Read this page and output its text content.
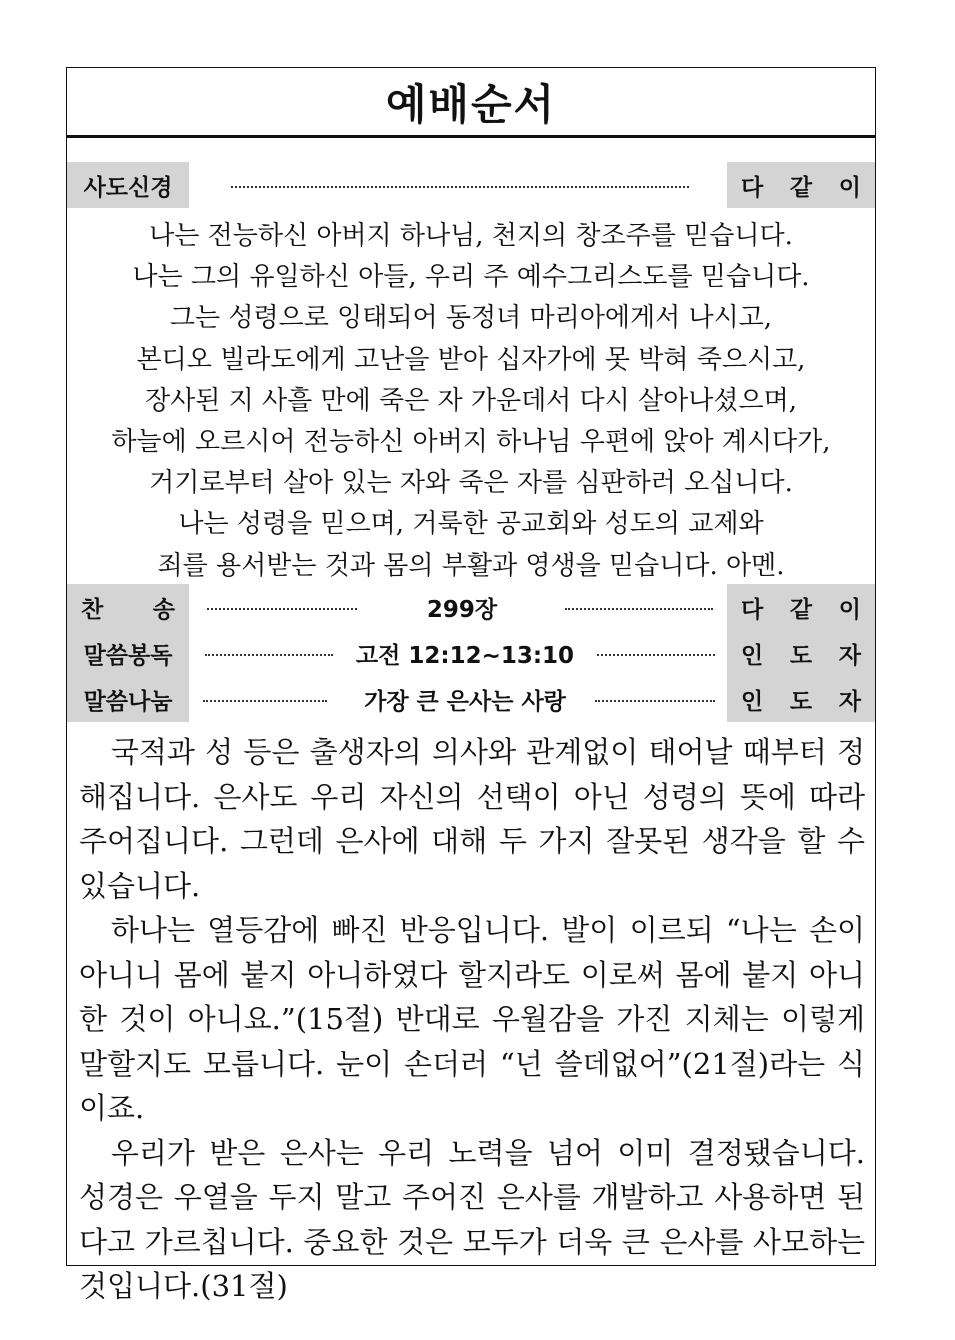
예배순서
사도신경	다 같 이
나는 전능하신 아버지 하나님, 천지의 창조주를 믿습니다.
나는 그의 유일하신 아들, 우리 주 예수그리스도를 믿습니다.
그는 성령으로 잉태되어 동정녀 마리아에게서 나시고,
본디오 빌라도에게 고난을 받아 십자가에 못 박혀 죽으시고,
장사된 지 사흘 만에 죽은 자 가운데서 다시 살아나셨으며,
하늘에 오르시어 전능하신 아버지 하나님 우편에 앉아 계시다가,
거기로부터 살아 있는 자와 죽은 자를 심판하러 오십니다.
나는 성령을 믿으며, 거룩한 공교회와 성도의 교제와
죄를 용서받는 것과 몸의 부활과 영생을 믿습니다. 아멘.
찬 송	299장	다 같 이
말씀봉독	고전 12:12~13:10	인 도 자
말씀나눔	가장 큰 은사는 사랑	인 도 자

국적과 성 등은 출생자의 의사와 관계없이 태어날 때부터 정해집니다. 은사도 우리 자신의 선택이 아닌 성령의 뜻에 따라 주어집니다. 그런데 은사에 대해 두 가지 잘못된 생각을 할 수 있습니다.

하나는 열등감에 빠진 반응입니다. 발이 이르되 “나는 손이 아니니 몸에 붙지 아니하였다 할지라도 이로써 몸에 붙지 아니한 것이 아니요.”(15절) 반대로 우월감을 가진 지체는 이렇게 말할지도 모릅니다. 눈이 손더러 “넌 쓸데없어”(21절)라는 식이죠.

우리가 받은 은사는 우리 노력을 넘어 이미 결정됐습니다. 성경은 우열을 두지 말고 주어진 은사를 개발하고 사용하면 된다고 가르칩니다. 중요한 것은 모두가 더욱 큰 은사를 사모하는 것입니다.(31절)
